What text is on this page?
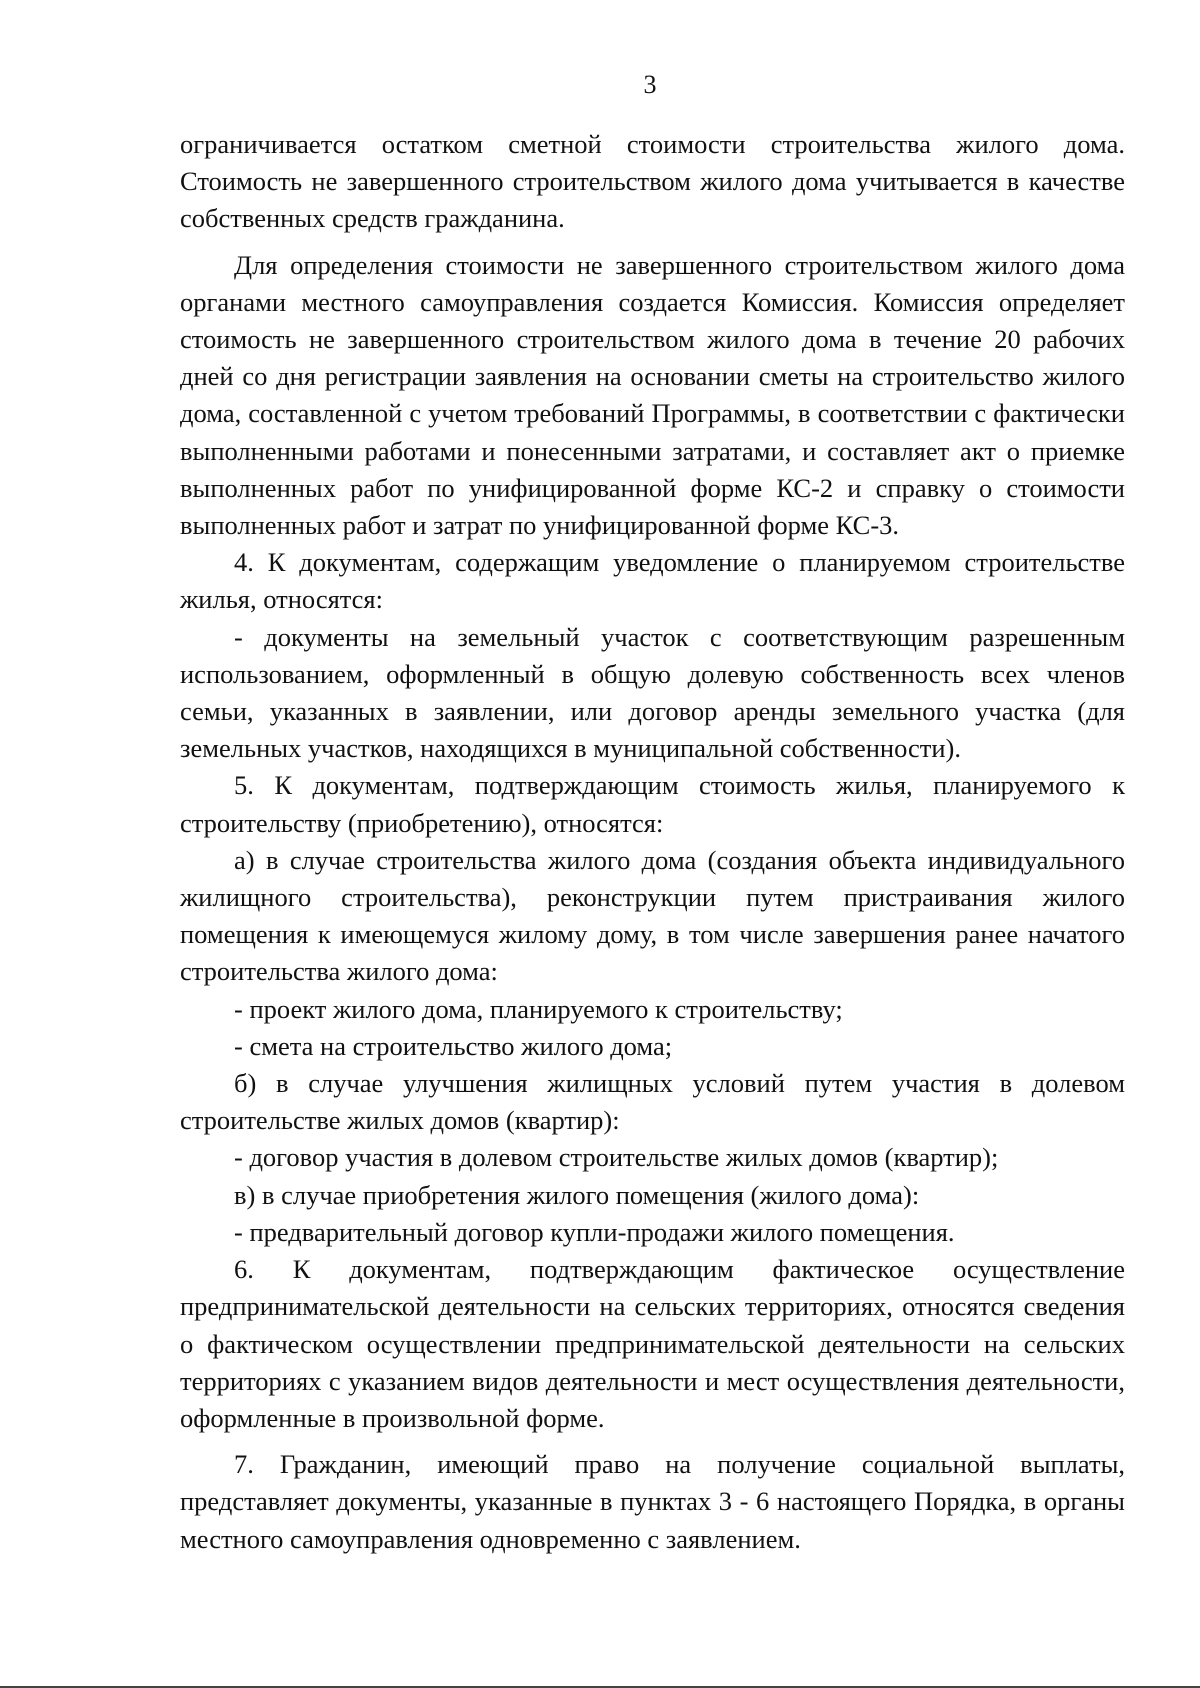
3

ограничивается остатком сметной стоимости строительства жилого дома. Стоимость не завершенного строительством жилого дома учитывается в качестве собственных средств гражданина.

Для определения стоимости не завершенного строительством жилого дома органами местного самоуправления создается Комиссия. Комиссия определяет стоимость не завершенного строительством жилого дома в течение 20 рабочих дней со дня регистрации заявления на основании сметы на строительство жилого дома, составленной с учетом требований Программы, в соответствии с фактически выполненными работами и понесенными затратами, и составляет акт о приемке выполненных работ по унифицированной форме КС-2 и справку о стоимости выполненных работ и затрат по унифицированной форме КС-3.

4. К документам, содержащим уведомление о планируемом строительстве жилья, относятся:

- документы на земельный участок с соответствующим разрешенным использованием, оформленный в общую долевую собственность всех членов семьи, указанных в заявлении, или договор аренды земельного участка (для земельных участков, находящихся в муниципальной собственности).

5. К документам, подтверждающим стоимость жилья, планируемого к строительству (приобретению), относятся:

а) в случае строительства жилого дома (создания объекта индивидуального жилищного строительства), реконструкции путем пристраивания жилого помещения к имеющемуся жилому дому, в том числе завершения ранее начатого строительства жилого дома:

- проект жилого дома, планируемого к строительству;

- смета на строительство жилого дома;

б) в случае улучшения жилищных условий путем участия в долевом строительстве жилых домов (квартир):

- договор участия в долевом строительстве жилых домов (квартир);

в) в случае приобретения жилого помещения (жилого дома):

- предварительный договор купли-продажи жилого помещения.

6. К документам, подтверждающим фактическое осуществление предпринимательской деятельности на сельских территориях, относятся сведения о фактическом осуществлении предпринимательской деятельности на сельских территориях с указанием видов деятельности и мест осуществления деятельности, оформленные в произвольной форме.

7. Гражданин, имеющий право на получение социальной выплаты, представляет документы, указанные в пунктах 3 - 6 настоящего Порядка, в органы местного самоуправления одновременно с заявлением.
